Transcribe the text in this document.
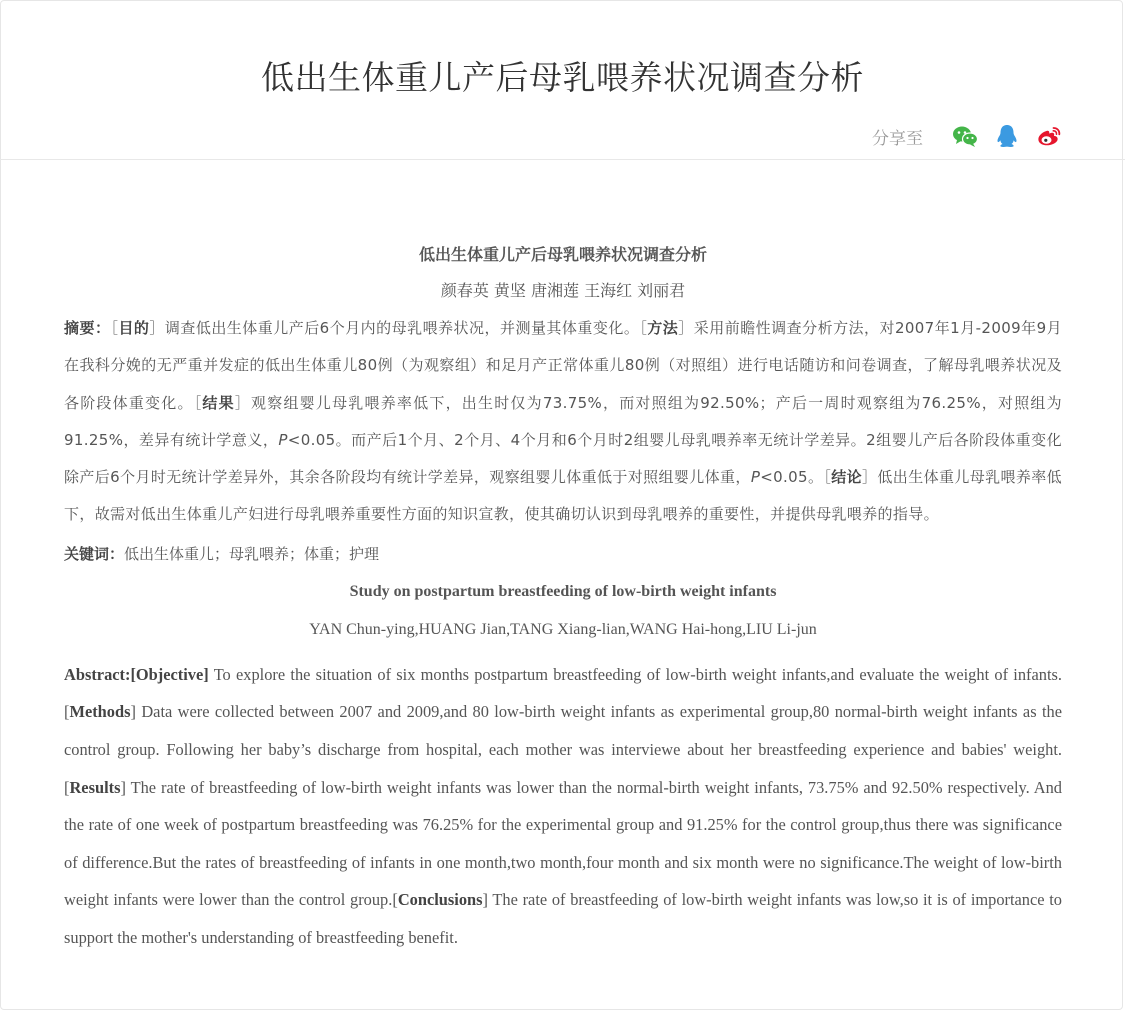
低出生体重儿产后母乳喂养状况调查分析
分享至

低出生体重儿产后母乳喂养状况调查分析

颜春英 黄坚 唐湘莲 王海红 刘丽君

摘要：［目的］调查低出生体重儿产后6个月内的母乳喂养状况，并测量其体重变化。［方法］采用前瞻性调查分析方法，对2007年1月-2009年9月在我科分娩的无严重并发症的低出生体重儿80例（为观察组）和足月产正常体重儿80例（对照组）进行电话随访和问卷调查，了解母乳喂养状况及各阶段体重变化。［结果］观察组婴儿母乳喂养率低下，出生时仅为73.75%，而对照组为92.50%；产后一周时观察组为76.25%，对照组为91.25%，差异有统计学意义，P<0.05。而产后1个月、2个月、4个月和6个月时2组婴儿母乳喂养率无统计学差异。2组婴儿产后各阶段体重变化除产后6个月时无统计学差异外，其余各阶段均有统计学差异，观察组婴儿体重低于对照组婴儿体重，P<0.05。［结论］低出生体重儿母乳喂养率低下，故需对低出生体重儿产妇进行母乳喂养重要性方面的知识宣教，使其确切认识到母乳喂养的重要性，并提供母乳喂养的指导。

关键词：低出生体重儿；母乳喂养；体重；护理

Study on postpartum breastfeeding of low-birth weight infants

YAN Chun-ying,HUANG Jian,TANG Xiang-lian,WANG Hai-hong,LIU Li-jun

Abstract:[Objective] To explore the situation of six months postpartum breastfeeding of low-birth weight infants,and evaluate the weight of infants.[Methods] Data were collected between 2007 and 2009,and 80 low-birth weight infants as experimental group,80 normal-birth weight infants as the control group. Following her baby’s discharge from hospital, each mother was interviewe about her breastfeeding experience and babies' weight.[Results] The rate of breastfeeding of low-birth weight infants was lower than the normal-birth weight infants, 73.75% and 92.50% respectively. And the rate of one week of postpartum breastfeeding was 76.25% for the experimental group and 91.25% for the control group,thus there was significance of difference.But the rates of breastfeeding of infants in one month,two month,four month and six month were no significance.The weight of low-birth weight infants were lower than the control group.[Conclusions] The rate of breastfeeding of low-birth weight infants was low,so it is of importance to support the mother's understanding of breastfeeding benefit.
